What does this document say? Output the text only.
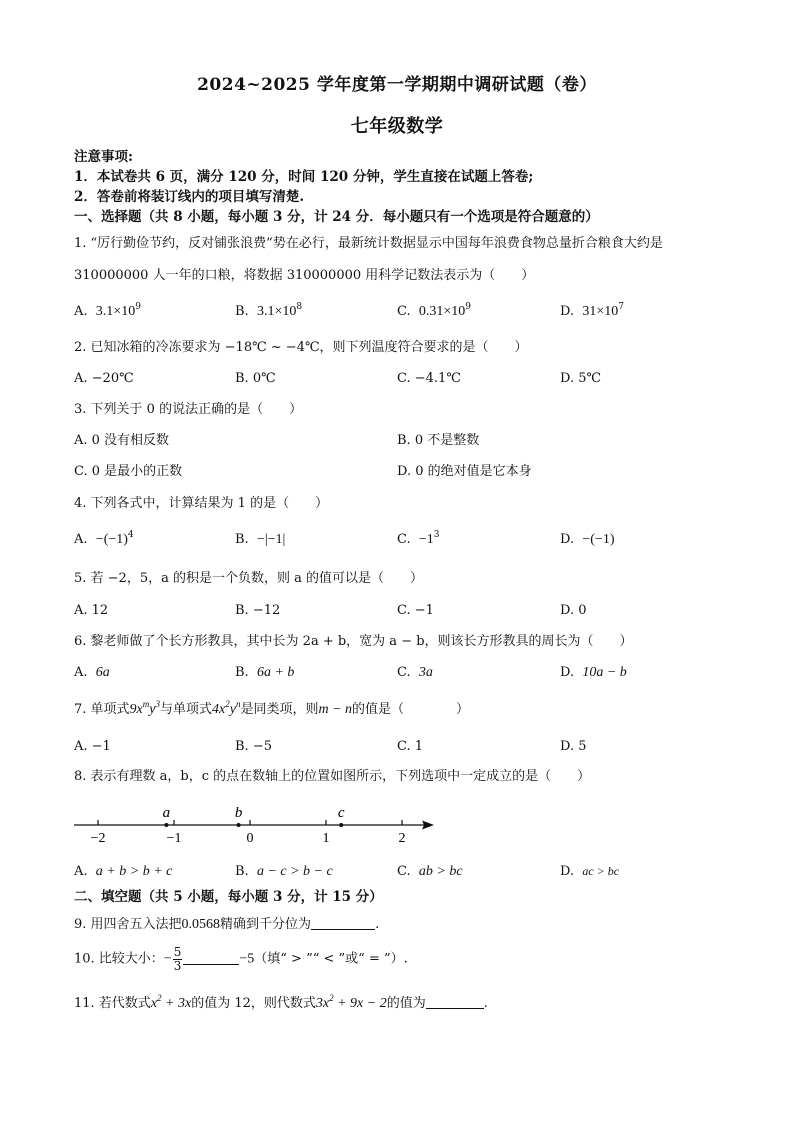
2024~2025 学年度第一学期期中调研试题（卷）
七年级数学
注意事项:
1．本试卷共 6 页，满分 120 分，时间 120 分钟，学生直接在试题上答卷;
2．答卷前将装订线内的项目填写清楚.
一、选择题（共 8 小题，每小题 3 分，计 24 分．每小题只有一个选项是符合题意的）
1. “厉行勤俭节约，反对铺张浪费”势在必行，最新统计数据显示中国每年浪费食物总量折合粮食大约是
310000000 人一年的口粮，将数据 310000000 用科学记数法表示为（　　）
A. $3.1\times 10^9$	B. $3.1\times 10^8$	C. $0.31\times 10^9$	D. $31\times 10^7$
2. 已知冰箱的冷冻要求为 −18℃ ~ −4℃，则下列温度符合要求的是（　　）
A. −20℃	B. 0℃	C. −4.1℃	D. 5℃
3. 下列关于 0 的说法正确的是（　　）
A. 0 没有相反数	B. 0 不是整数
C. 0 是最小的正数	D. 0 的绝对值是它本身
4. 下列各式中，计算结果为 1 的是（　　）
A. $-(-1)^4$	B. −|−1|	C. $-1^3$	D. −(−1)
5. 若 −2，5，a 的积是一个负数，则 a 的值可以是（　　）
A. 12	B. −12	C. −1	D. 0
6. 黎老师做了个长方形教具，其中长为 2a + b，宽为 a − b，则该长方形教具的周长为（　　）
A. 6a	B. 6a + b	C. 3a	D. 10a − b
7. 单项式$9x^my^3$与单项式$4x^2y^n$是同类项，则m − n的值是（　　　　）
A. −1	B. −5	C. 1	D. 5
8. 表示有理数 a，b，c 的点在数轴上的位置如图所示，下列选项中一定成立的是（　　）
−2	−1	0	1	2
a	b	c
A. a + b > b + c	B. a − c > b − c	C. ab > bc	D. ac > bc
二、填空题（共 5 小题，每小题 3 分，计 15 分）
9. 用四舍五入法把0.0568精确到千分位为	.
10. 比较大小：− $\frac{5}{3}$	−5（填“ > ”“ < ”或“ = ”）.
11. 若代数式$x^2 + 3x$的值为 12，则代数式$3x^2 + 9x - 2$的值为	.
